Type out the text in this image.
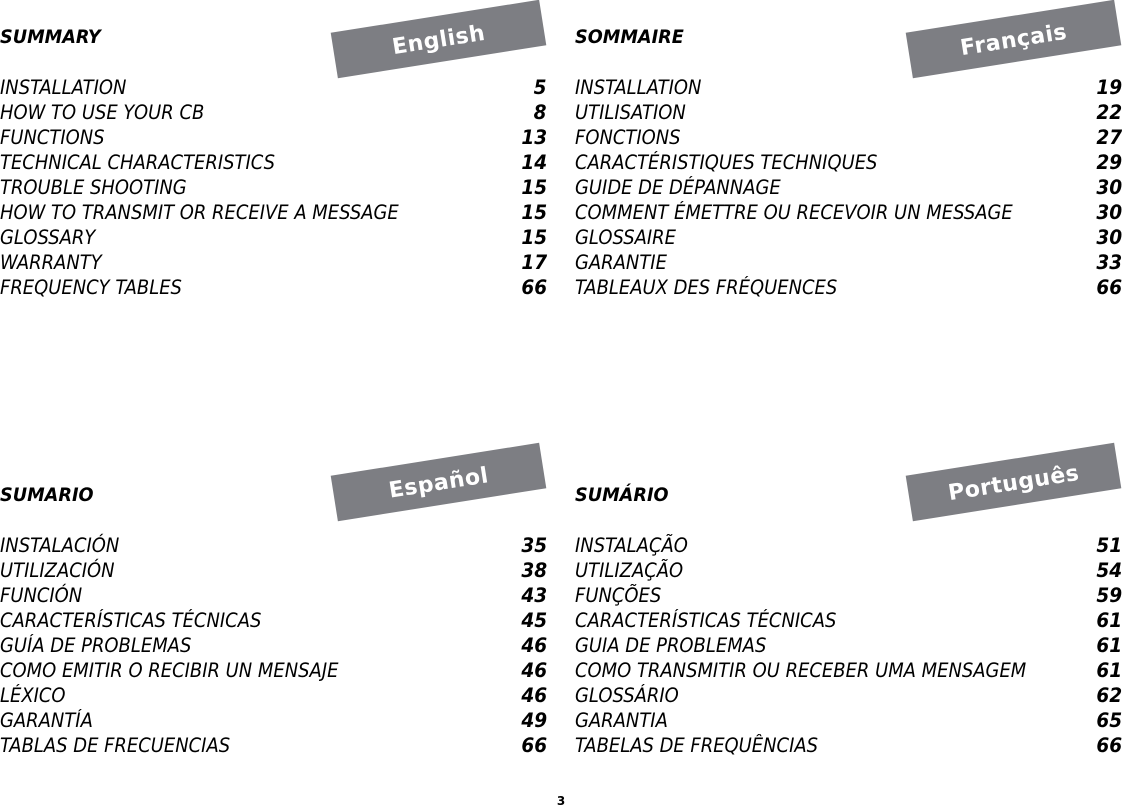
English
SUMMARY
INSTALLATION	5
HOW TO USE YOUR CB	8
FUNCTIONS	13
TECHNICAL CHARACTERISTICS	14
TROUBLE SHOOTING	15
HOW TO TRANSMIT OR RECEIVE A MESSAGE	15
GLOSSARY	15
WARRANTY	17
FREQUENCY TABLES	66
Français
SOMMAIRE
INSTALLATION	19
UTILISATION	22
FONCTIONS	27
CARACTÉRISTIQUES TECHNIQUES	29
GUIDE DE DÉPANNAGE	30
COMMENT ÉMETTRE OU RECEVOIR UN MESSAGE	30
GLOSSAIRE	30
GARANTIE	33
TABLEAUX DES FRÉQUENCES	66
Español
SUMARIO
INSTALACIÓN	35
UTILIZACIÓN	38
FUNCIÓN	43
CARACTERÍSTICAS TÉCNICAS	45
GUÍA DE PROBLEMAS	46
COMO EMITIR O RECIBIR UN MENSAJE	46
LÉXICO	46
GARANTÍA	49
TABLAS DE FRECUENCIAS	66
Português
SUMÁRIO
INSTALAÇÃO	51
UTILIZAÇÃO	54
FUNÇÕES	59
CARACTERÍSTICAS TÉCNICAS	61
GUIA DE PROBLEMAS	61
COMO TRANSMITIR OU RECEBER UMA MENSAGEM	61
GLOSSÁRIO	62
GARANTIA	65
TABELAS DE FREQUÊNCIAS	66
3
